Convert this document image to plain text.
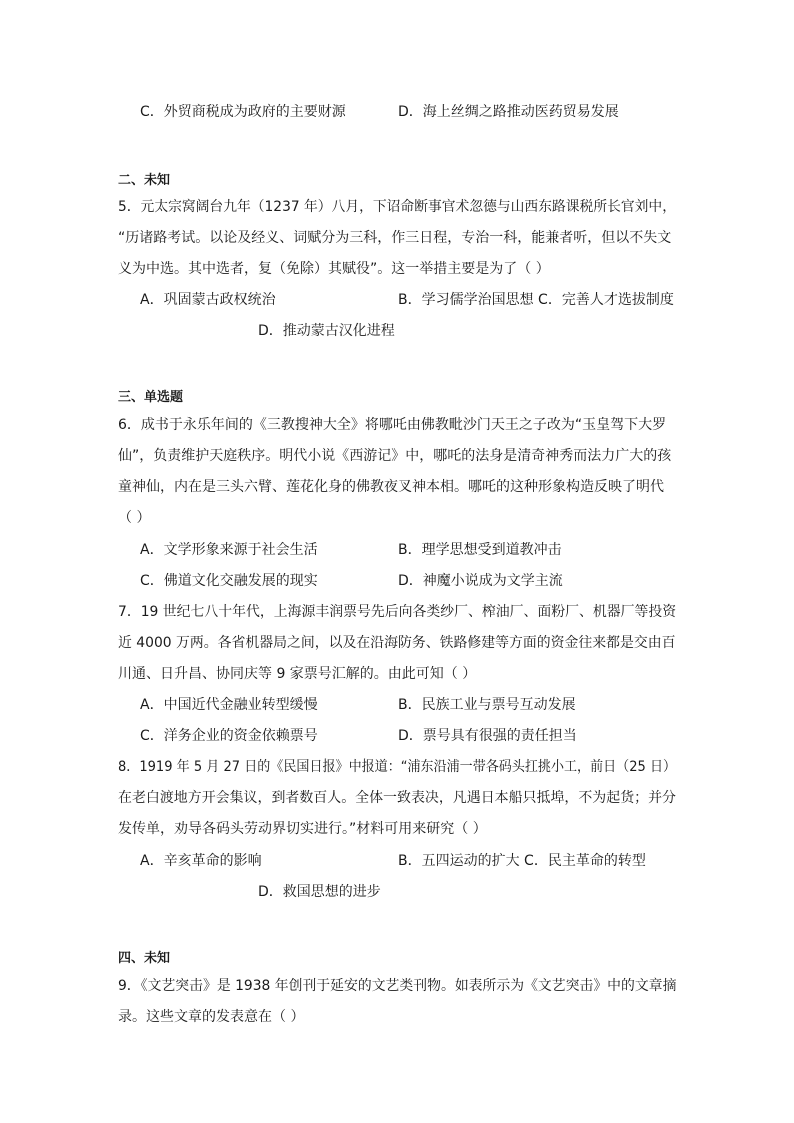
C．外贸商税成为政府的主要财源	D．海上丝绸之路推动医药贸易发展
二、未知
5．元太宗窝阔台九年（1237 年）八月，下诏命断事官术忽德与山西东路课税所长官刘中，
“历诸路考试。以论及经义、词赋分为三科，作三日程，专治一科，能兼者听，但以不失文
义为中选。其中选者，复（免除）其赋役”。这一举措主要是为了（ ）
A．巩固蒙古政权统治	B．学习儒学治国思想 C．完善人才选拔制度
D．推动蒙古汉化进程
三、单选题
6．成书于永乐年间的《三教搜神大全》将哪吒由佛教毗沙门天王之子改为“玉皇驾下大罗
仙”，负责维护天庭秩序。明代小说《西游记》中，哪吒的法身是清奇神秀而法力广大的孩
童神仙，内在是三头六臂、莲花化身的佛教夜叉神本相。哪吒的这种形象构造反映了明代
（ ）
A．文学形象来源于社会生活	B．理学思想受到道教冲击
C．佛道文化交融发展的现实	D．神魔小说成为文学主流
7．19 世纪七八十年代，上海源丰润票号先后向各类纱厂、榨油厂、面粉厂、机器厂等投资
近 4000 万两。各省机器局之间，以及在沿海防务、铁路修建等方面的资金往来都是交由百
川通、日升昌、协同庆等 9 家票号汇解的。由此可知（ ）
A．中国近代金融业转型缓慢	B．民族工业与票号互动发展
C．洋务企业的资金依赖票号	D．票号具有很强的责任担当
8．1919 年 5 月 27 日的《民国日报》中报道：“浦东沿浦一带各码头扛挑小工，前日（25 日）
在老白渡地方开会集议，到者数百人。全体一致表决，凡遇日本船只抵埠，不为起货；并分
发传单，劝导各码头劳动界切实进行。”材料可用来研究（ ）
A．辛亥革命的影响	B．五四运动的扩大 C．民主革命的转型
D．救国思想的进步
四、未知
9．《文艺突击》是 1938 年创刊于延安的文艺类刊物。如表所示为《文艺突击》中的文章摘
录。这些文章的发表意在（ ）
